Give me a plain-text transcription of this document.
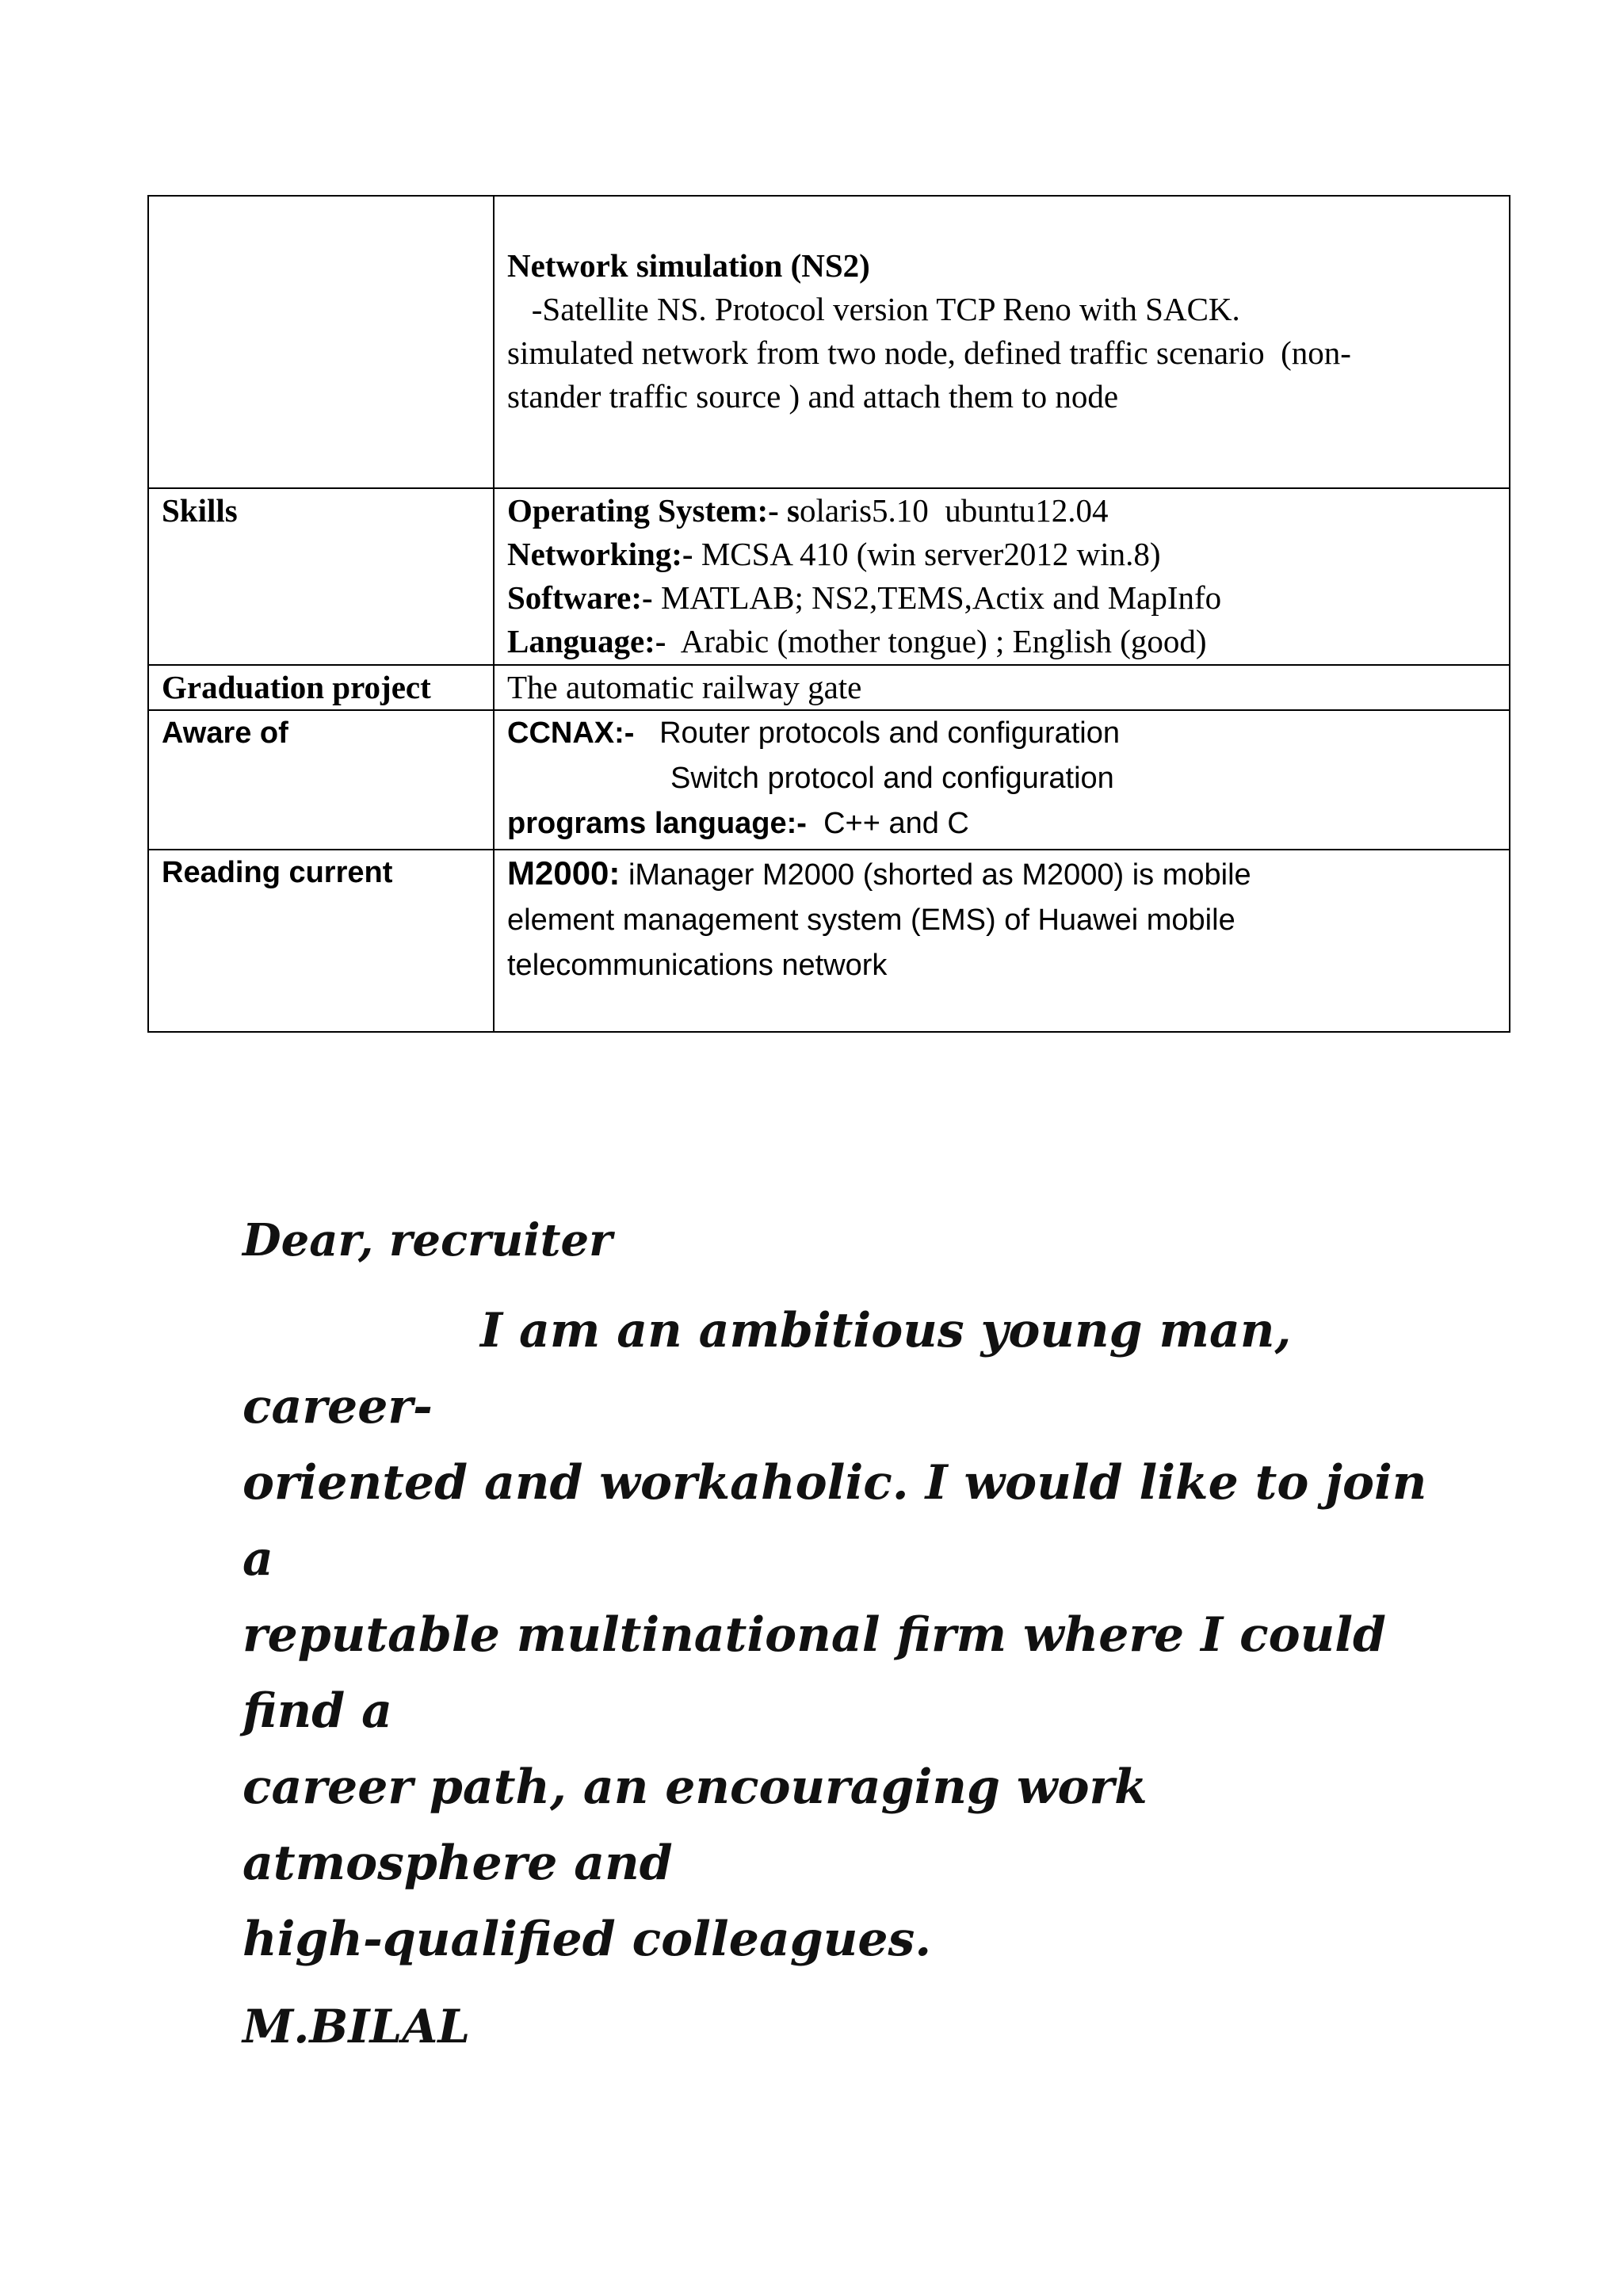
	Network simulation (NS2)
-Satellite NS. Protocol version TCP Reno with SACK.
simulated network from two node, defined traffic scenario  (non-
stander traffic source ) and attach them to node

Skills	Operating System:- solaris5.10  ubuntu12.04
Networking:- MCSA 410 (win server2012 win.8)
Software:- MATLAB; NS2,TEMS,Actix and MapInfo
Language:-  Arabic (mother tongue) ; English (good)

Graduation project	The automatic railway gate
Aware of	CCNAX:-   Router protocols and configuration
Switch protocol and configuration
programs language:-  C++ and C

Reading current	M2000: iManager M2000 (shorted as M2000) is mobile
element management system (EMS) of Huawei mobile
telecommunications network

Dear, recruiter

I am an ambitious young man, career-
oriented and workaholic. I would like to join a
reputable multinational firm where I could find a
career path, an encouraging work atmosphere and
high-qualified colleagues.

M.BILAL
